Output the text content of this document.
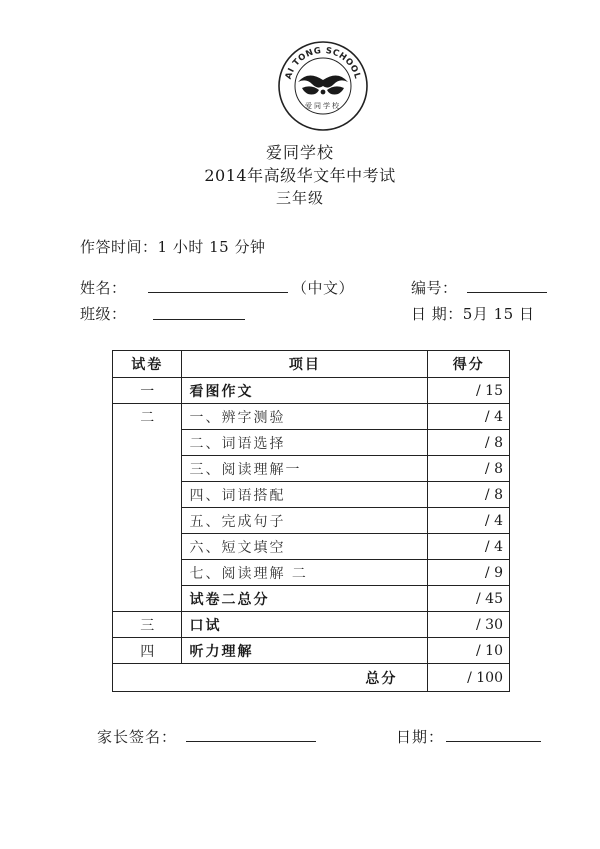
AI TONG SCHOOL
爱同学校
爱同学校
2014年高级华文年中考试
三年级
作答时间：1 小时 15 分钟
姓名：	（中文）	编号：
班级：	日 期：5月 15 日
试卷	项目	得分
一	看图作文	/ 15
二	一、辨字测验	/ 4
	二、词语选择	/ 8
	三、阅读理解一	/ 8
	四、词语搭配	/ 8
	五、完成句子	/ 4
	六、短文填空	/ 4
	七、阅读理解 二	/ 9
	试卷二总分	/ 45
三	口试	/ 30
四	听力理解	/ 10
总分		/ 100
家长签名：	日期：
